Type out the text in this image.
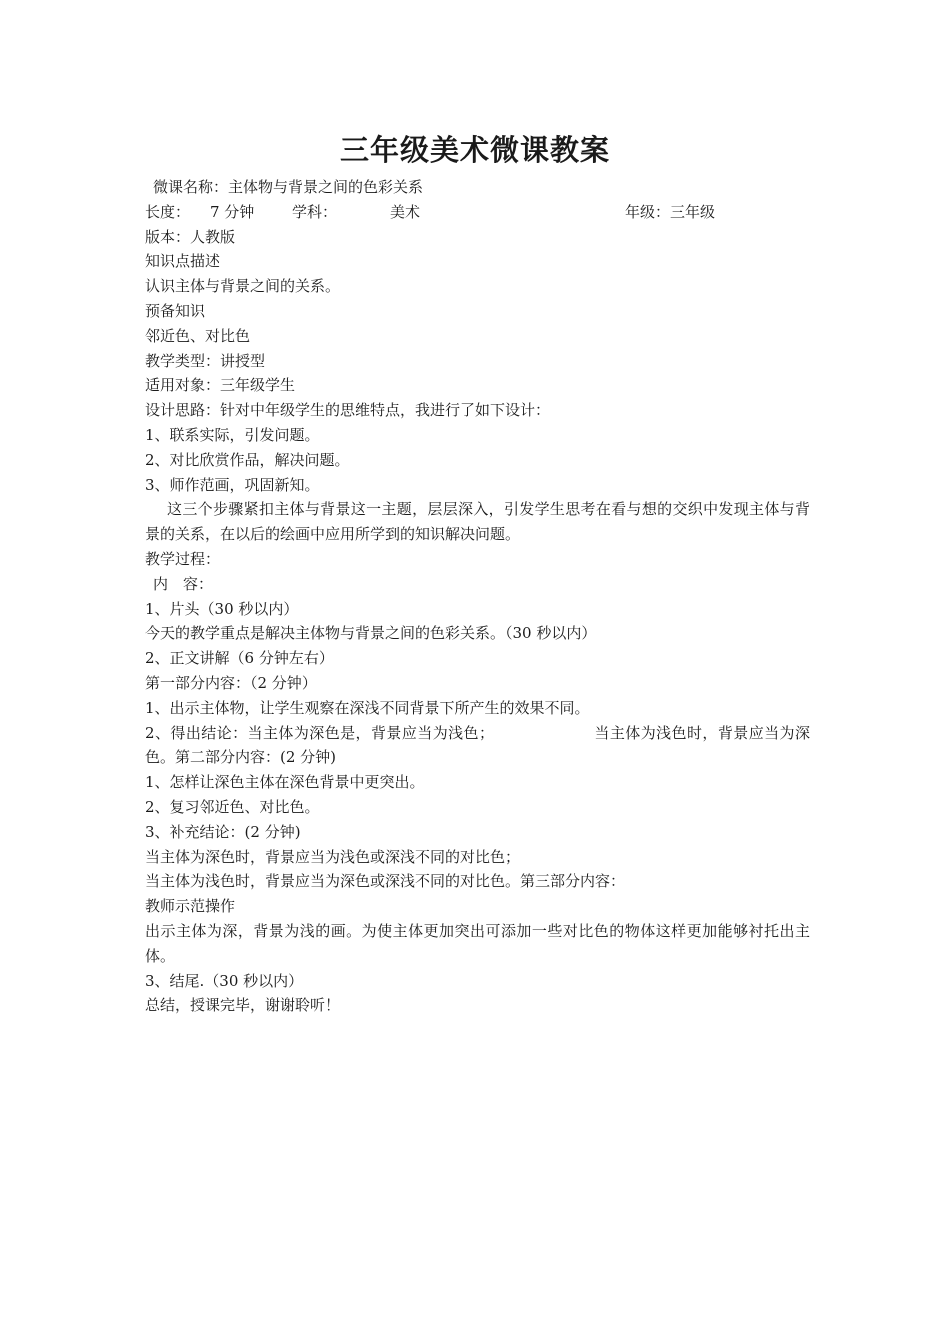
三年级美术微课教案
微课名称：主体物与背景之间的色彩关系
长度： 7 分钟	学科：	美术	年级：三年级
版本：人教版
知识点描述
认识主体与背景之间的关系。
预备知识
邻近色、对比色
教学类型：讲授型
适用对象：三年级学生
设计思路：针对中年级学生的思维特点，我进行了如下设计：
1、联系实际，引发问题。
2、对比欣赏作品，解决问题。
3、师作范画，巩固新知。
这三个步骤紧扣主体与背景这一主题，层层深入，引发学生思考在看与想的交织中发现主体与背景的关系，在以后的绘画中应用所学到的知识解决问题。
教学过程：
内　容：
1、片头（30 秒以内）
今天的教学重点是解决主体物与背景之间的色彩关系。（30 秒以内）
2、正文讲解（6 分钟左右）
第一部分内容：（2 分钟）
1、出示主体物，让学生观察在深浅不同背景下所产生的效果不同。
2、得出结论：当主体为深色是，背景应当为浅色；	当主体为浅色时，背景应当为深色。第二部分内容：(2 分钟)
1、怎样让深色主体在深色背景中更突出。
2、复习邻近色、对比色。
3、补充结论：(2 分钟)
当主体为深色时，背景应当为浅色或深浅不同的对比色；
当主体为浅色时，背景应当为深色或深浅不同的对比色。第三部分内容：
教师示范操作
出示主体为深，背景为浅的画。为使主体更加突出可添加一些对比色的物体这样更加能够衬托出主体。
3、结尾.（30 秒以内）
总结，授课完毕，谢谢聆听！
